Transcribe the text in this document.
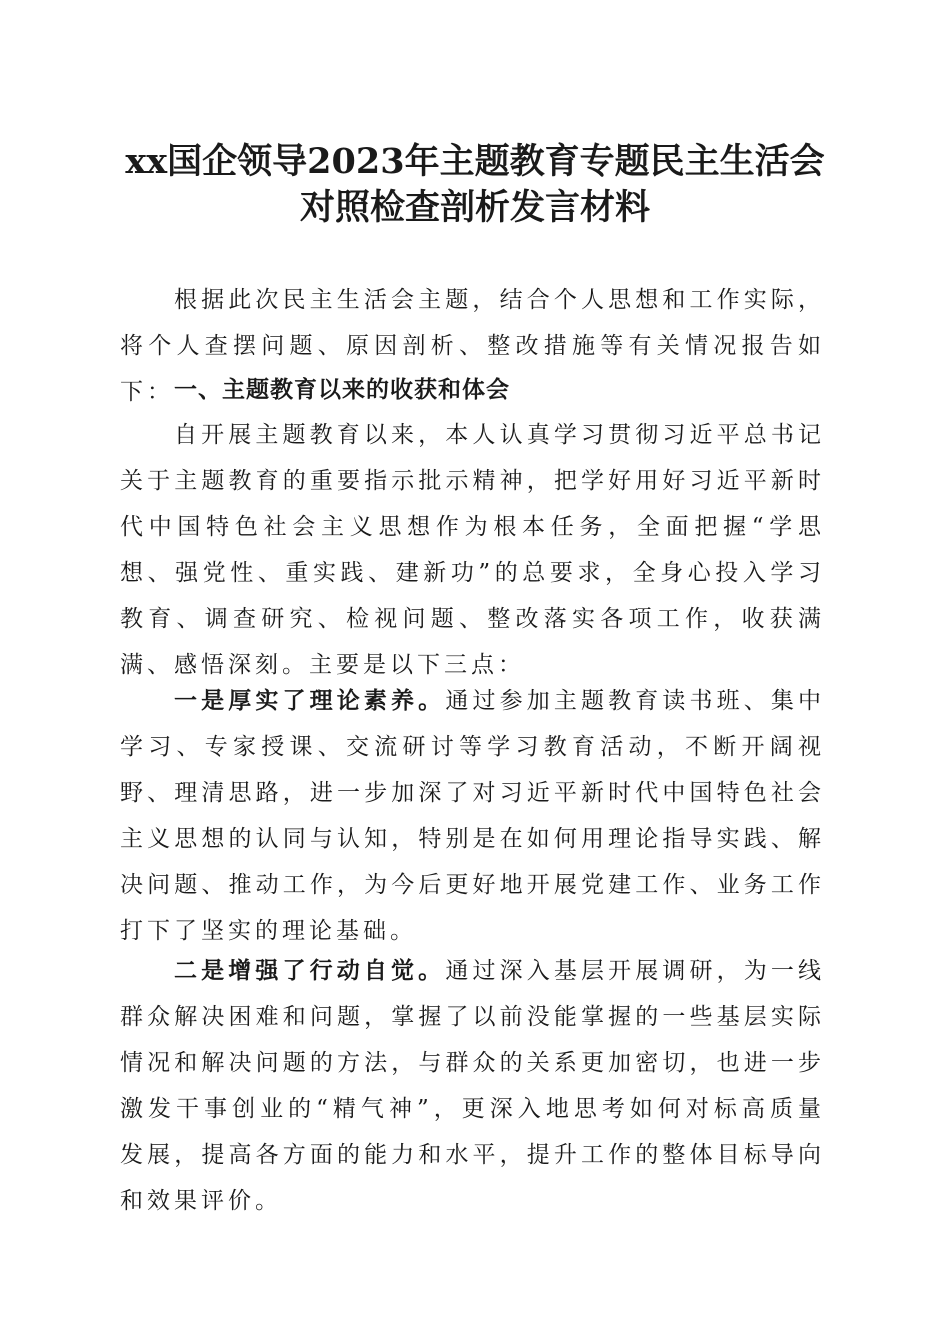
xx国企领导2023年主题教育专题民主生活会
对照检查剖析发言材料

根据此次民主生活会主题，结合个人思想和工作实际，将个人查摆问题、原因剖析、整改措施等有关情况报告如下： 一、主题教育以来的收获和体会

自开展主题教育以来，本人认真学习贯彻习近平总书记关于主题教育的重要指示批示精神，把学好用好习近平新时代中国特色社会主义思想作为根本任务，全面把握“学思想、强党性、重实践、建新功”的总要求，全身心投入学习教育、调查研究、检视问题、整改落实各项工作，收获满满、感悟深刻。主要是以下三点：

一是厚实了理论素养。通过参加主题教育读书班、集中学习、专家授课、交流研讨等学习教育活动，不断开阔视野、理清思路，进一步加深了对习近平新时代中国特色社会主义思想的认同与认知，特别是在如何用理论指导实践、解决问题、推动工作，为今后更好地开展党建工作、业务工作打下了坚实的理论基础。

二是增强了行动自觉。通过深入基层开展调研，为一线群众解决困难和问题，掌握了以前没能掌握的一些基层实际情况和解决问题的方法，与群众的关系更加密切，也进一步激发干事创业的“精气神”，更深入地思考如何对标高质量发展，提高各方面的能力和水平，提升工作的整体目标导向和效果评价。
